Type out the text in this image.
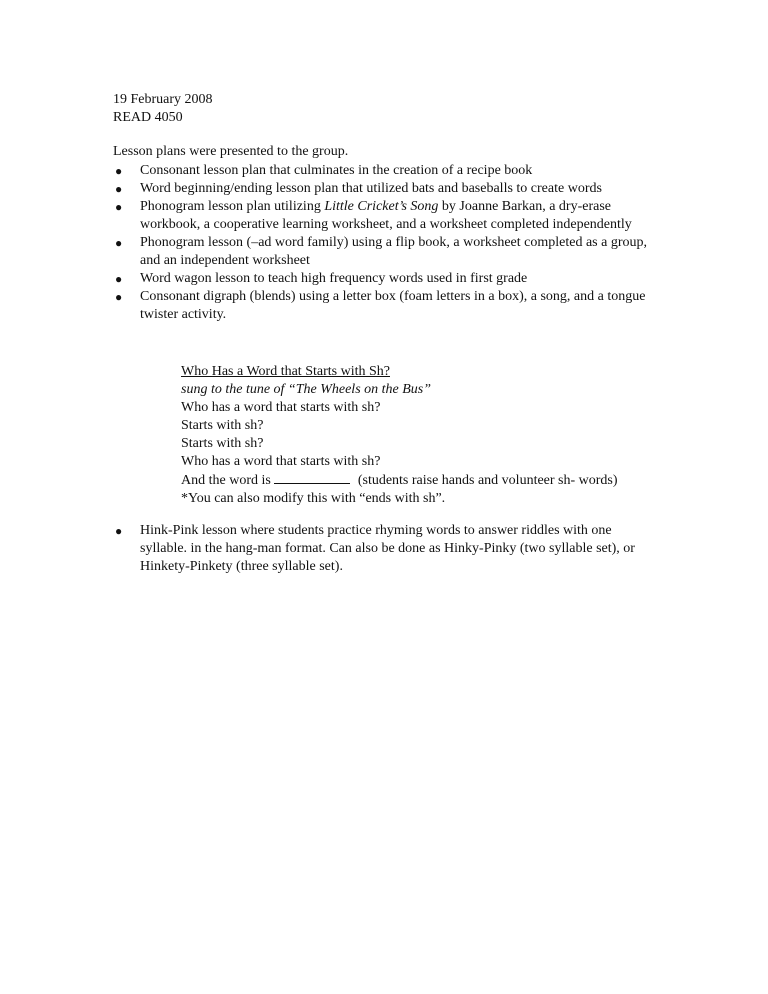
19 February 2008
READ 4050
Lesson plans were presented to the group.
● Consonant lesson plan that culminates in the creation of a recipe book
● Word beginning/ending lesson plan that utilized bats and baseballs to create words
● Phonogram lesson plan utilizing Little Cricket’s Song by Joanne Barkan, a dry-erase workbook, a cooperative learning worksheet, and a worksheet completed independently
● Phonogram lesson (–ad word family) using a flip book, a worksheet completed as a group, and an independent worksheet
● Word wagon lesson to teach high frequency words used in first grade
● Consonant digraph (blends) using a letter box (foam letters in a box), a song, and a tongue twister activity.
Who Has a Word that Starts with Sh?
sung to the tune of “The Wheels on the Bus”
Who has a word that starts with sh?
Starts with sh?
Starts with sh?
Who has a word that starts with sh?
And the word is	(students raise hands and volunteer sh- words)
*You can also modify this with “ends with sh”.
● Hink-Pink lesson where students practice rhyming words to answer riddles with one syllable. in the hang-man format. Can also be done as Hinky-Pinky (two syllable set), or Hinkety-Pinkety (three syllable set).
